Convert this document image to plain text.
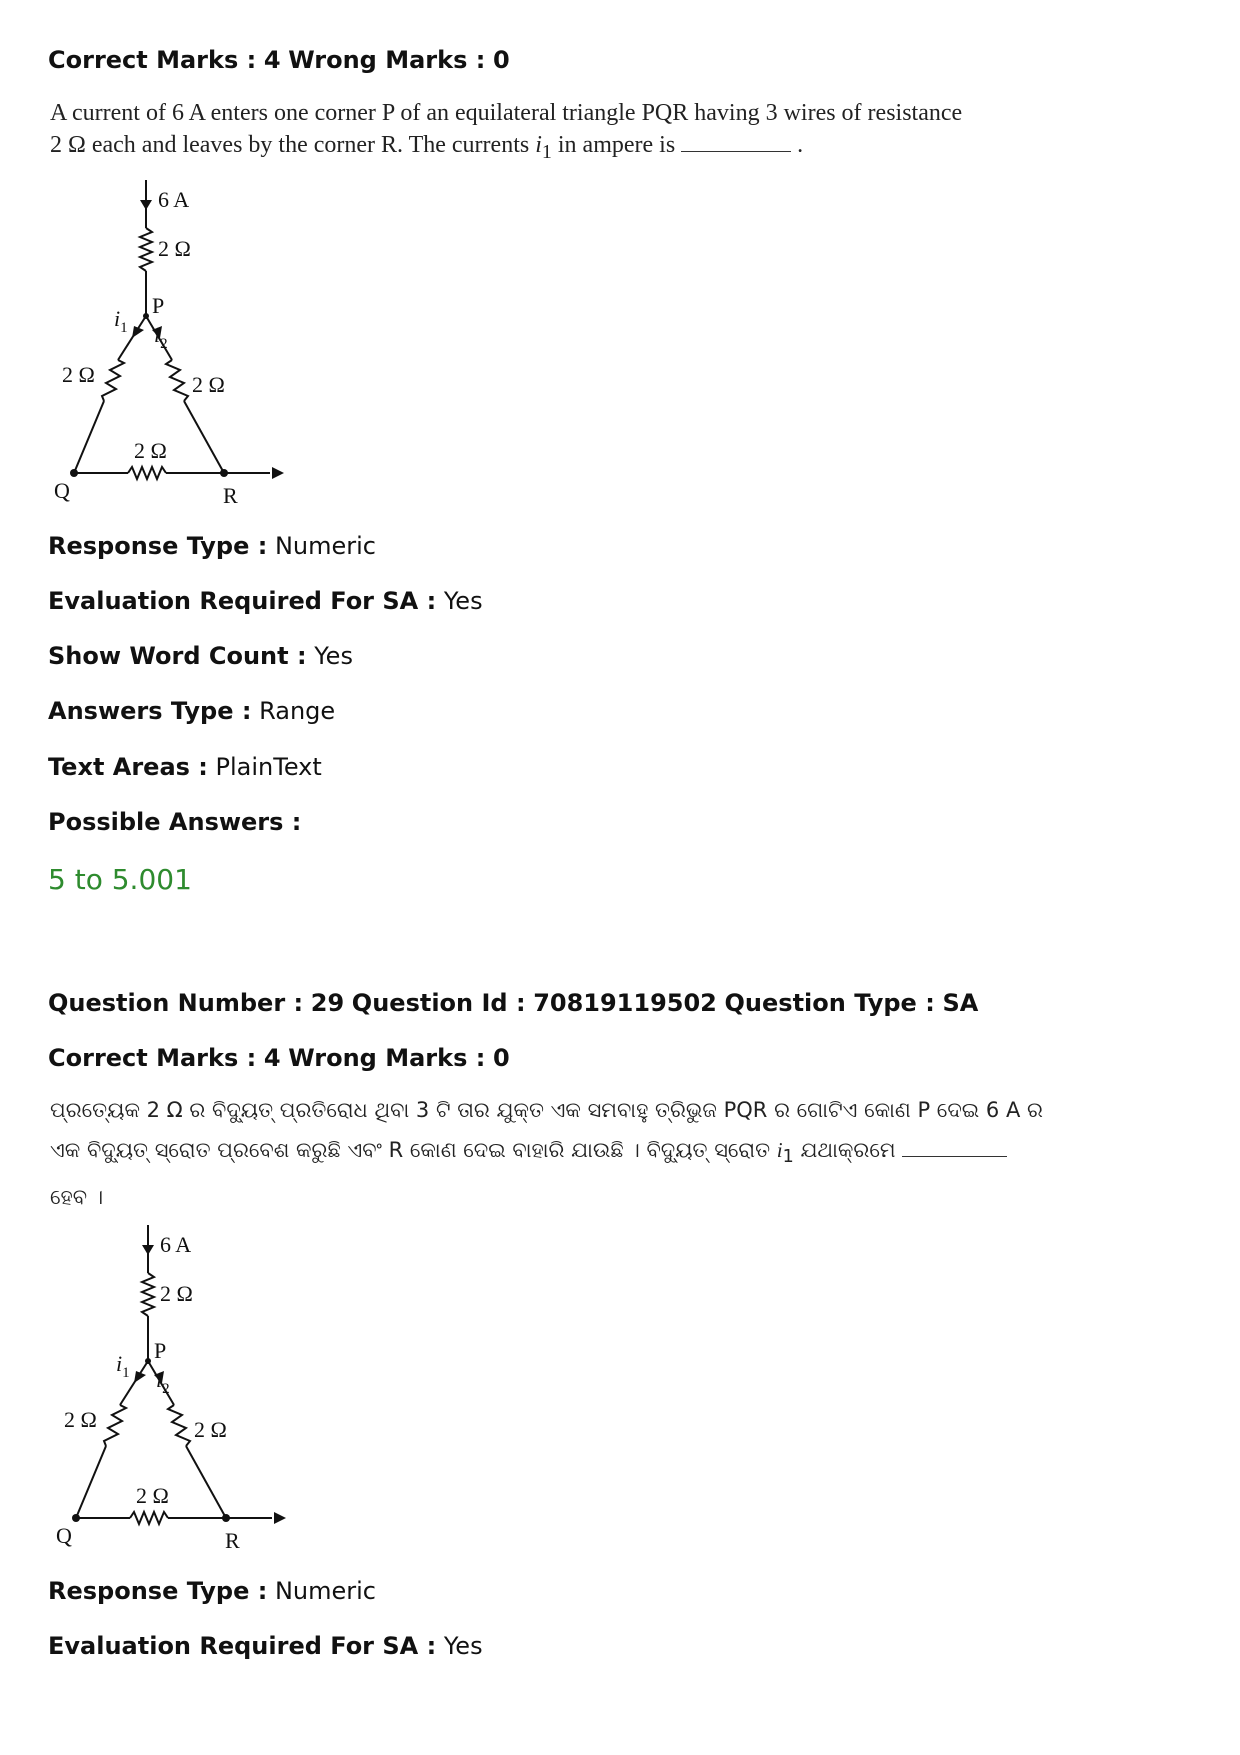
Correct Marks : 4 Wrong Marks : 0
A current of 6 A enters one corner P of an equilateral triangle PQR having 3 wires of resistance
2 Ω each and leaves by the corner R. The currents $i_1$ in ampere is	.
6 A
2 Ω
P
$i_1$ $i_2$
2 Ω	2 Ω
2 Ω
Q	R
Response Type : Numeric
Evaluation Required For SA : Yes
Show Word Count : Yes
Answers Type : Range
Text Areas : PlainText
Possible Answers :
5 to 5.001
Question Number : 29 Question Id : 70819119502 Question Type : SA
Correct Marks : 4 Wrong Marks : 0
ପ୍ରତ୍ୟେକ 2 Ω ର ବିଦ୍ୟୁତ୍ ପ୍ରତିରୋଧ ଥିବା 3 ଟି ତାର ଯୁକ୍ତ ଏକ ସମବାହୁ ତ୍ରିଭୁଜ PQR ର ଗୋଟିଏ କୋଣ P ଦେଇ 6 A ର
ଏକ ବିଦ୍ୟୁତ୍ ସ୍ରୋତ ପ୍ରବେଶ କରୁଛି ଏବଂ R କୋଣ ଦେଇ ବାହାରି ଯାଉଛି । ବିଦ୍ୟୁତ୍ ସ୍ରୋତ $i_1$ ଯଥାକ୍ରମେ
ହେବ ।
6 A
2 Ω
P
$i_1$ $i_2$
2 Ω	2 Ω
2 Ω
Q	R
Response Type : Numeric
Evaluation Required For SA : Yes
